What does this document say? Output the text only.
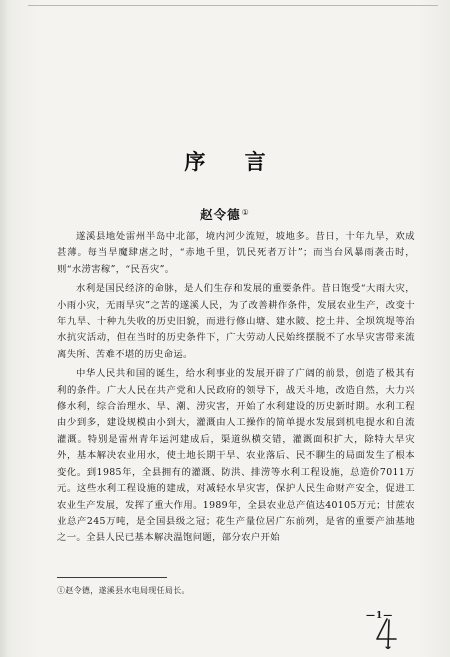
序 言
赵令德①

遂溪县地处雷州半岛中北部，境内河少流短，坡地多。昔日，十年九旱，欢成甚薄。每当旱魔肆虐之时，“赤地千里，饥民死者万计”；而当台风暴雨袭击时，则“水涝害稼”，“民吾灾”。

水利是国民经济的命脉，是人们生存和发展的重要条件。昔日饱受“大雨大灾，小雨小灾，无雨旱灾”之苦的遂溪人民，为了改善耕作条件，发展农业生产，改变十年九旱、十种九失收的历史旧貌，而进行修山塘、建水陂、挖土井、全坝筑堤等治水抗灾活动，但在当时的历史条件下，广大劳动人民始终摆脱不了水旱灾害带来流离失所、苦难不堪的历史命运。

中华人民共和国的诞生，给水利事业的发展开辟了广阔的前景，创造了极其有利的条件。广大人民在共产党和人民政府的领导下，战天斗地，改造自然，大力兴修水利，综合治理水、旱、潮、涝灾害，开始了水利建设的历史新时期。水利工程由少到多，建设规模由小到大，灌溉由人工操作的简单提水发展到机电提水和自流灌溉。特别是雷州青年运河建成后，渠道纵横交错，灌溉面积扩大，除特大旱灾外，基本解决农业用水，使土地长期干旱、农业落后、民不聊生的局面发生了根本变化。到1985年，全县拥有的灌溉、防洪、排涝等水利工程设施，总造价7011万元。这些水利工程设施的建成，对减轻水旱灾害，保护人民生命财产安全，促进工农业生产发展，发挥了重大作用。1989年，全县农业总产值达40105万元；甘蔗农业总产245万吨，是全国县级之冠；花生产量位居广东前列，是省的重要产油基地之一。全县人民已基本解决温饱问题，部分农户开始

①赵令德，遂溪县水电局现任局长。
—1—
